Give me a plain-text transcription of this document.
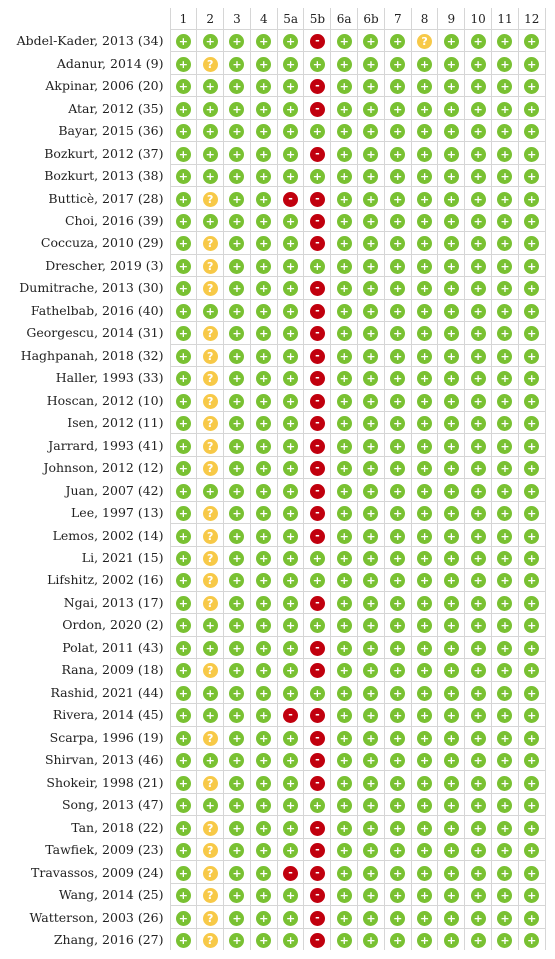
	1	2	3	4	5a	5b	6a	6b	7	8	9	10	11	12
Abdel-Kader, 2013 (34)	+	+	+	+	+	-	+	+	+	?	+	+	+	+
Adanur, 2014 (9)	+	?	+	+	+	+	+	+	+	+	+	+	+	+
Akpinar, 2006 (20)	+	+	+	+	+	-	+	+	+	+	+	+	+	+
Atar, 2012 (35)	+	+	+	+	+	-	+	+	+	+	+	+	+	+
Bayar, 2015 (36)	+	+	+	+	+	+	+	+	+	+	+	+	+	+
Bozkurt, 2012 (37)	+	+	+	+	+	-	+	+	+	+	+	+	+	+
Bozkurt, 2013 (38)	+	+	+	+	+	+	+	+	+	+	+	+	+	+
Butticè, 2017 (28)	+	?	+	+	-	-	+	+	+	+	+	+	+	+
Choi, 2016 (39)	+	+	+	+	+	-	+	+	+	+	+	+	+	+
Coccuza, 2010 (29)	+	?	+	+	+	-	+	+	+	+	+	+	+	+
Drescher, 2019 (3)	+	?	+	+	+	+	+	+	+	+	+	+	+	+
Dumitrache, 2013 (30)	+	?	+	+	+	-	+	+	+	+	+	+	+	+
Fathelbab, 2016 (40)	+	+	+	+	+	-	+	+	+	+	+	+	+	+
Georgescu, 2014 (31)	+	?	+	+	+	-	+	+	+	+	+	+	+	+
Haghpanah, 2018 (32)	+	?	+	+	+	-	+	+	+	+	+	+	+	+
Haller, 1993 (33)	+	?	+	+	+	-	+	+	+	+	+	+	+	+
Hoscan, 2012 (10)	+	?	+	+	+	-	+	+	+	+	+	+	+	+
Isen, 2012 (11)	+	?	+	+	+	-	+	+	+	+	+	+	+	+
Jarrard, 1993 (41)	+	?	+	+	+	-	+	+	+	+	+	+	+	+
Johnson, 2012 (12)	+	?	+	+	+	-	+	+	+	+	+	+	+	+
Juan, 2007 (42)	+	+	+	+	+	-	+	+	+	+	+	+	+	+
Lee, 1997 (13)	+	?	+	+	+	-	+	+	+	+	+	+	+	+
Lemos, 2002 (14)	+	?	+	+	+	-	+	+	+	+	+	+	+	+
Li, 2021 (15)	+	?	+	+	+	+	+	+	+	+	+	+	+	+
Lifshitz, 2002 (16)	+	?	+	+	+	+	+	+	+	+	+	+	+	+
Ngai, 2013 (17)	+	?	+	+	+	-	+	+	+	+	+	+	+	+
Ordon, 2020 (2)	+	+	+	+	+	+	+	+	+	+	+	+	+	+
Polat, 2011 (43)	+	+	+	+	+	-	+	+	+	+	+	+	+	+
Rana, 2009 (18)	+	?	+	+	+	-	+	+	+	+	+	+	+	+
Rashid, 2021 (44)	+	+	+	+	+	+	+	+	+	+	+	+	+	+
Rivera, 2014 (45)	+	+	+	+	-	-	+	+	+	+	+	+	+	+
Scarpa, 1996 (19)	+	?	+	+	+	-	+	+	+	+	+	+	+	+
Shirvan, 2013 (46)	+	+	+	+	+	-	+	+	+	+	+	+	+	+
Shokeir, 1998 (21)	+	?	+	+	+	-	+	+	+	+	+	+	+	+
Song, 2013 (47)	+	+	+	+	+	+	+	+	+	+	+	+	+	+
Tan, 2018 (22)	+	?	+	+	+	-	+	+	+	+	+	+	+	+
Tawfiek, 2009 (23)	+	?	+	+	+	-	+	+	+	+	+	+	+	+
Travassos, 2009 (24)	+	?	+	+	-	-	+	+	+	+	+	+	+	+
Wang, 2014 (25)	+	?	+	+	+	-	+	+	+	+	+	+	+	+
Watterson, 2003 (26)	+	?	+	+	+	-	+	+	+	+	+	+	+	+
Zhang, 2016 (27)	+	?	+	+	+	-	+	+	+	+	+	+	+	+
